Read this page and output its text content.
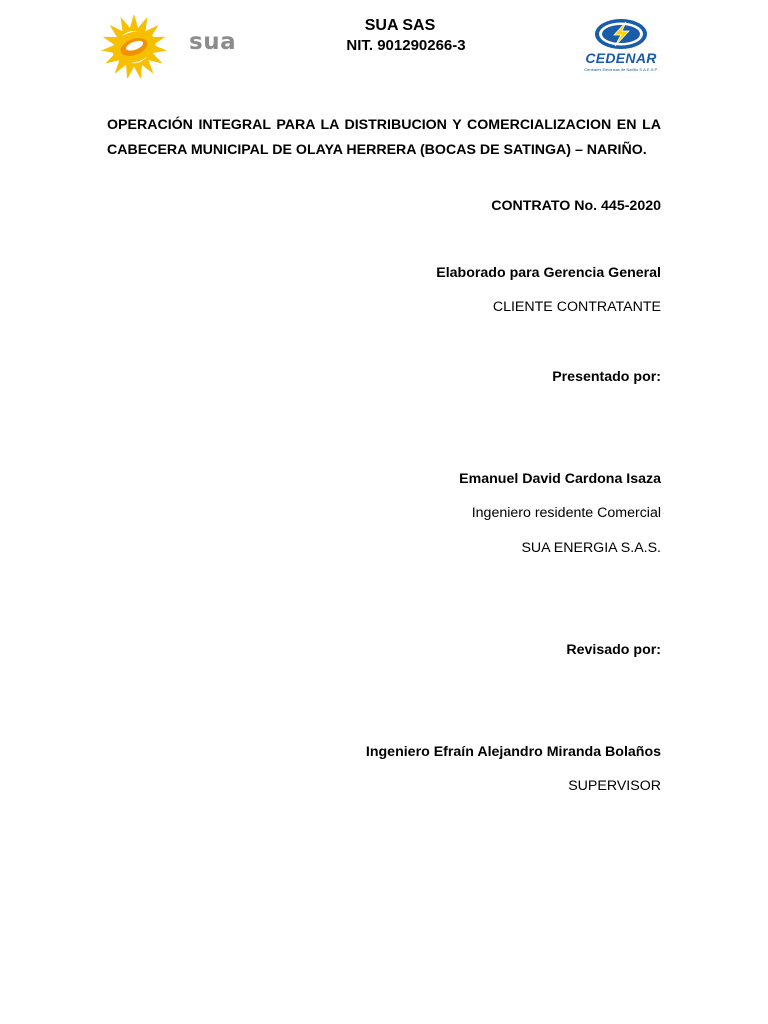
sua
SUA SAS
NIT. 901290266-3
CEDENAR
Centrales Eléctricas de Nariño S.A.E.S.P.
OPERACIÓN INTEGRAL PARA LA DISTRIBUCION Y COMERCIALIZACION EN LA CABECERA MUNICIPAL DE OLAYA HERRERA (BOCAS DE SATINGA) – NARIÑO.
CONTRATO No. 445-2020
Elaborado para Gerencia General
CLIENTE CONTRATANTE
Presentado por:
Emanuel David Cardona Isaza
Ingeniero residente Comercial
SUA ENERGIA S.A.S.
Revisado por:
Ingeniero Efraín Alejandro Miranda Bolaños
SUPERVISOR
